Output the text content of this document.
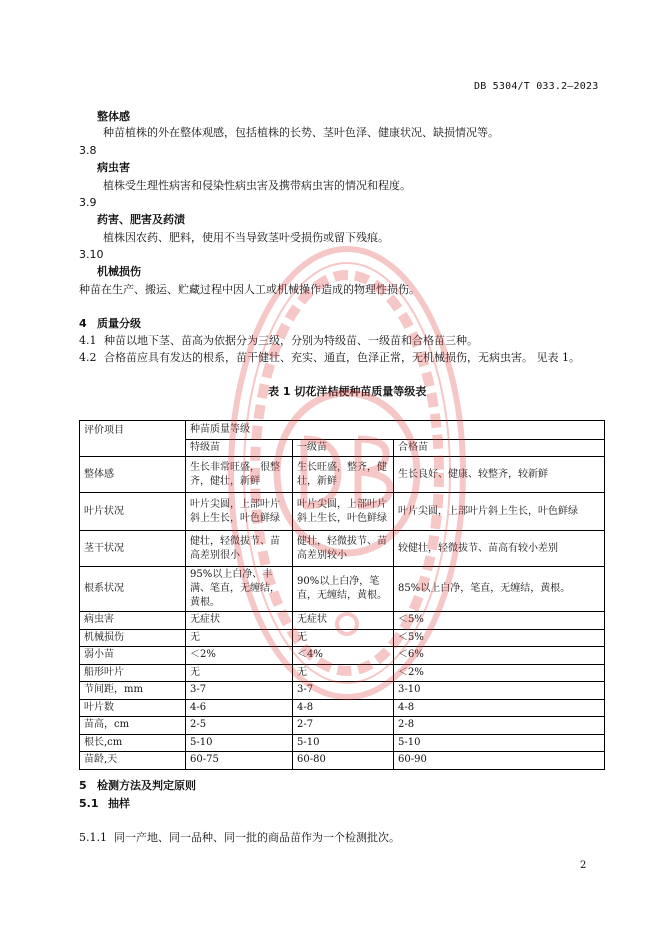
DB 5304/T 033.2—2023
整体感
种苗植株的外在整体观感，包括植株的长势、茎叶色泽、健康状况、缺损情况等。
3.8
病虫害
植株受生理性病害和侵染性病虫害及携带病虫害的情况和程度。
3.9
药害、肥害及药渍
植株因农药、肥料，使用不当导致茎叶受损伤或留下残痕。
3.10
机械损伤
种苗在生产、搬运、贮藏过程中因人工或机械操作造成的物理性损伤。
4 质量分级
4.1 种苗以地下茎、苗高为依据分为三级，分别为特级苗、一级苗和合格苗三种。
4.2 合格苗应具有发达的根系，苗干健壮、充实、通直，色泽正常，无机械损伤，无病虫害。 见表 1。
表 1 切花洋桔梗种苗质量等级表
评价项目	种苗质量等级		
	特级苗	一级苗	合格苗
整体感	生长非常旺盛，很整齐，健壮，新鲜	生长旺盛，整齐，健壮，新鲜	生长良好、健康、较整齐，较新鲜
叶片状况	叶片尖圆，上部叶片斜上生长，叶色鲜绿	叶片尖圆，上部叶片斜上生长，叶色鲜绿	叶片尖圆，上部叶片斜上生长，叶色鲜绿
茎干状况	健壮，轻微拔节、苗高差别很小	健壮，轻微拔节、苗高差别较小	较健壮，轻微拔节、苗高有较小差别
根系状况	95%以上白净、丰满、笔直，无缠结，黄根。	90%以上白净，笔直，无缠结，黄根。	85%以上白净，笔直，无缠结，黄根。
病虫害	无症状	无症状	＜5%
机械损伤	无	无	＜5%
弱小苗	＜2%	＜4%	＜6%
船形叶片	无	无	＜2%
节间距，mm	3-7	3-7	3-10
叶片数	4-6	4-8	4-8
苗高，cm	2-5	2-7	2-8
根长,cm	5-10	5-10	5-10
苗龄,天	60-75	60-80	60-90
5 检测方法及判定原则
5.1 抽样
5.1.1 同一产地、同一品种、同一批的商品苗作为一个检测批次。
2
